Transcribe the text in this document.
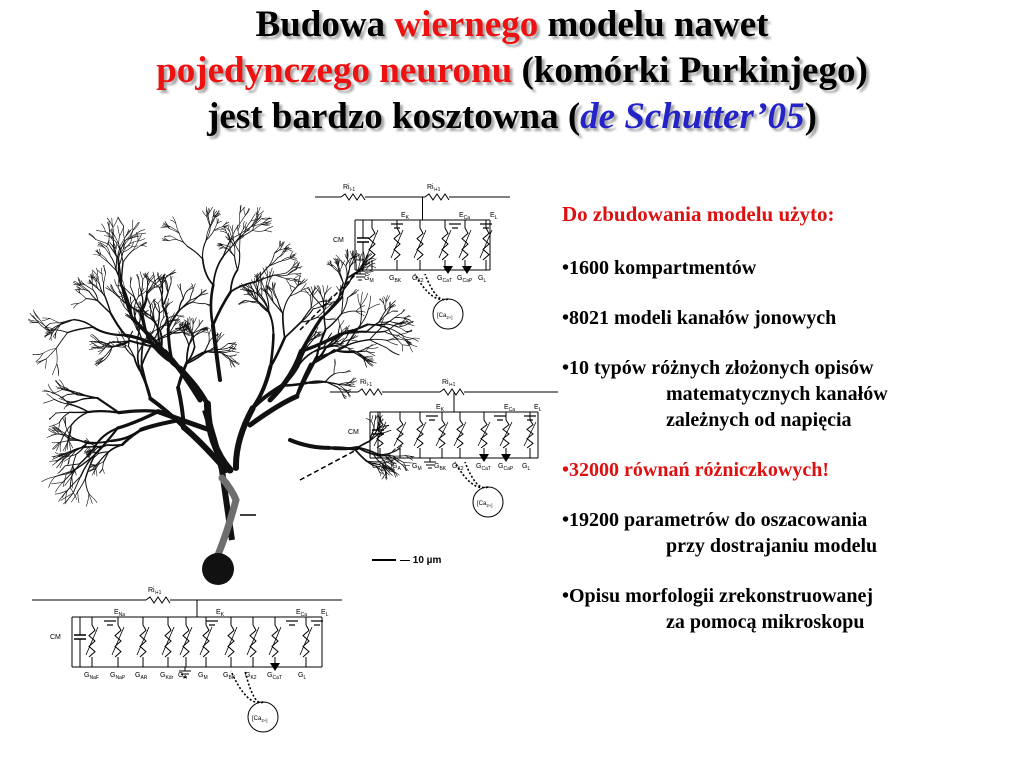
Budowa wiernego modelu nawet
pojedynczego neuronu (komórki Purkinjego)
jest bardzo kosztowna (de Schutter’05)
— 10 µm
$Ri_{i-1}$	$Ri_{i+1}$
CM
$G_M$ $G_{BK}$ $G_{K2}$ $G_{CaT}$ $G_{CaP}$ $G_L$
$E_K$	$E_{Ca}$	$E_L$
[$Ca_{2+]}$
$Ri_{i-1}$	$Ri_{i+1}$
CM
$G_{Kdr}$ $G_A$ $G_M$ $G_{BK}$ $G_{K2}$ $G_{CaT}$ $G_{CaP}$ $G_L$
$E_K$	$E_{Ca}$	$E_L$
[$Ca_{2+]}$
$Ri_{i+1}$
CM
$G_{NaF}$ $G_{NaP}$ $G_{AR}$ $G_{Kdr}$ $G_A$ $G_M$ $G_{BK}$ $G_{K2}$ $G_{CaT}$ $G_L$
$E_{Na}$	$E_K$	$E_{Ca}$ $E_L$
[$Ca_{2+]}$
Do zbudowania modelu użyto:
•1600 kompartmentów
•8021 modeli kanałów jonowych
•10 typów różnych złożonych opisów
matematycznych kanałów
zależnych od napięcia
•32000 równań różniczkowych!
•19200 parametrów do oszacowania
przy dostrajaniu modelu
•Opisu morfologii zrekonstruowanej
za pomocą mikroskopu
